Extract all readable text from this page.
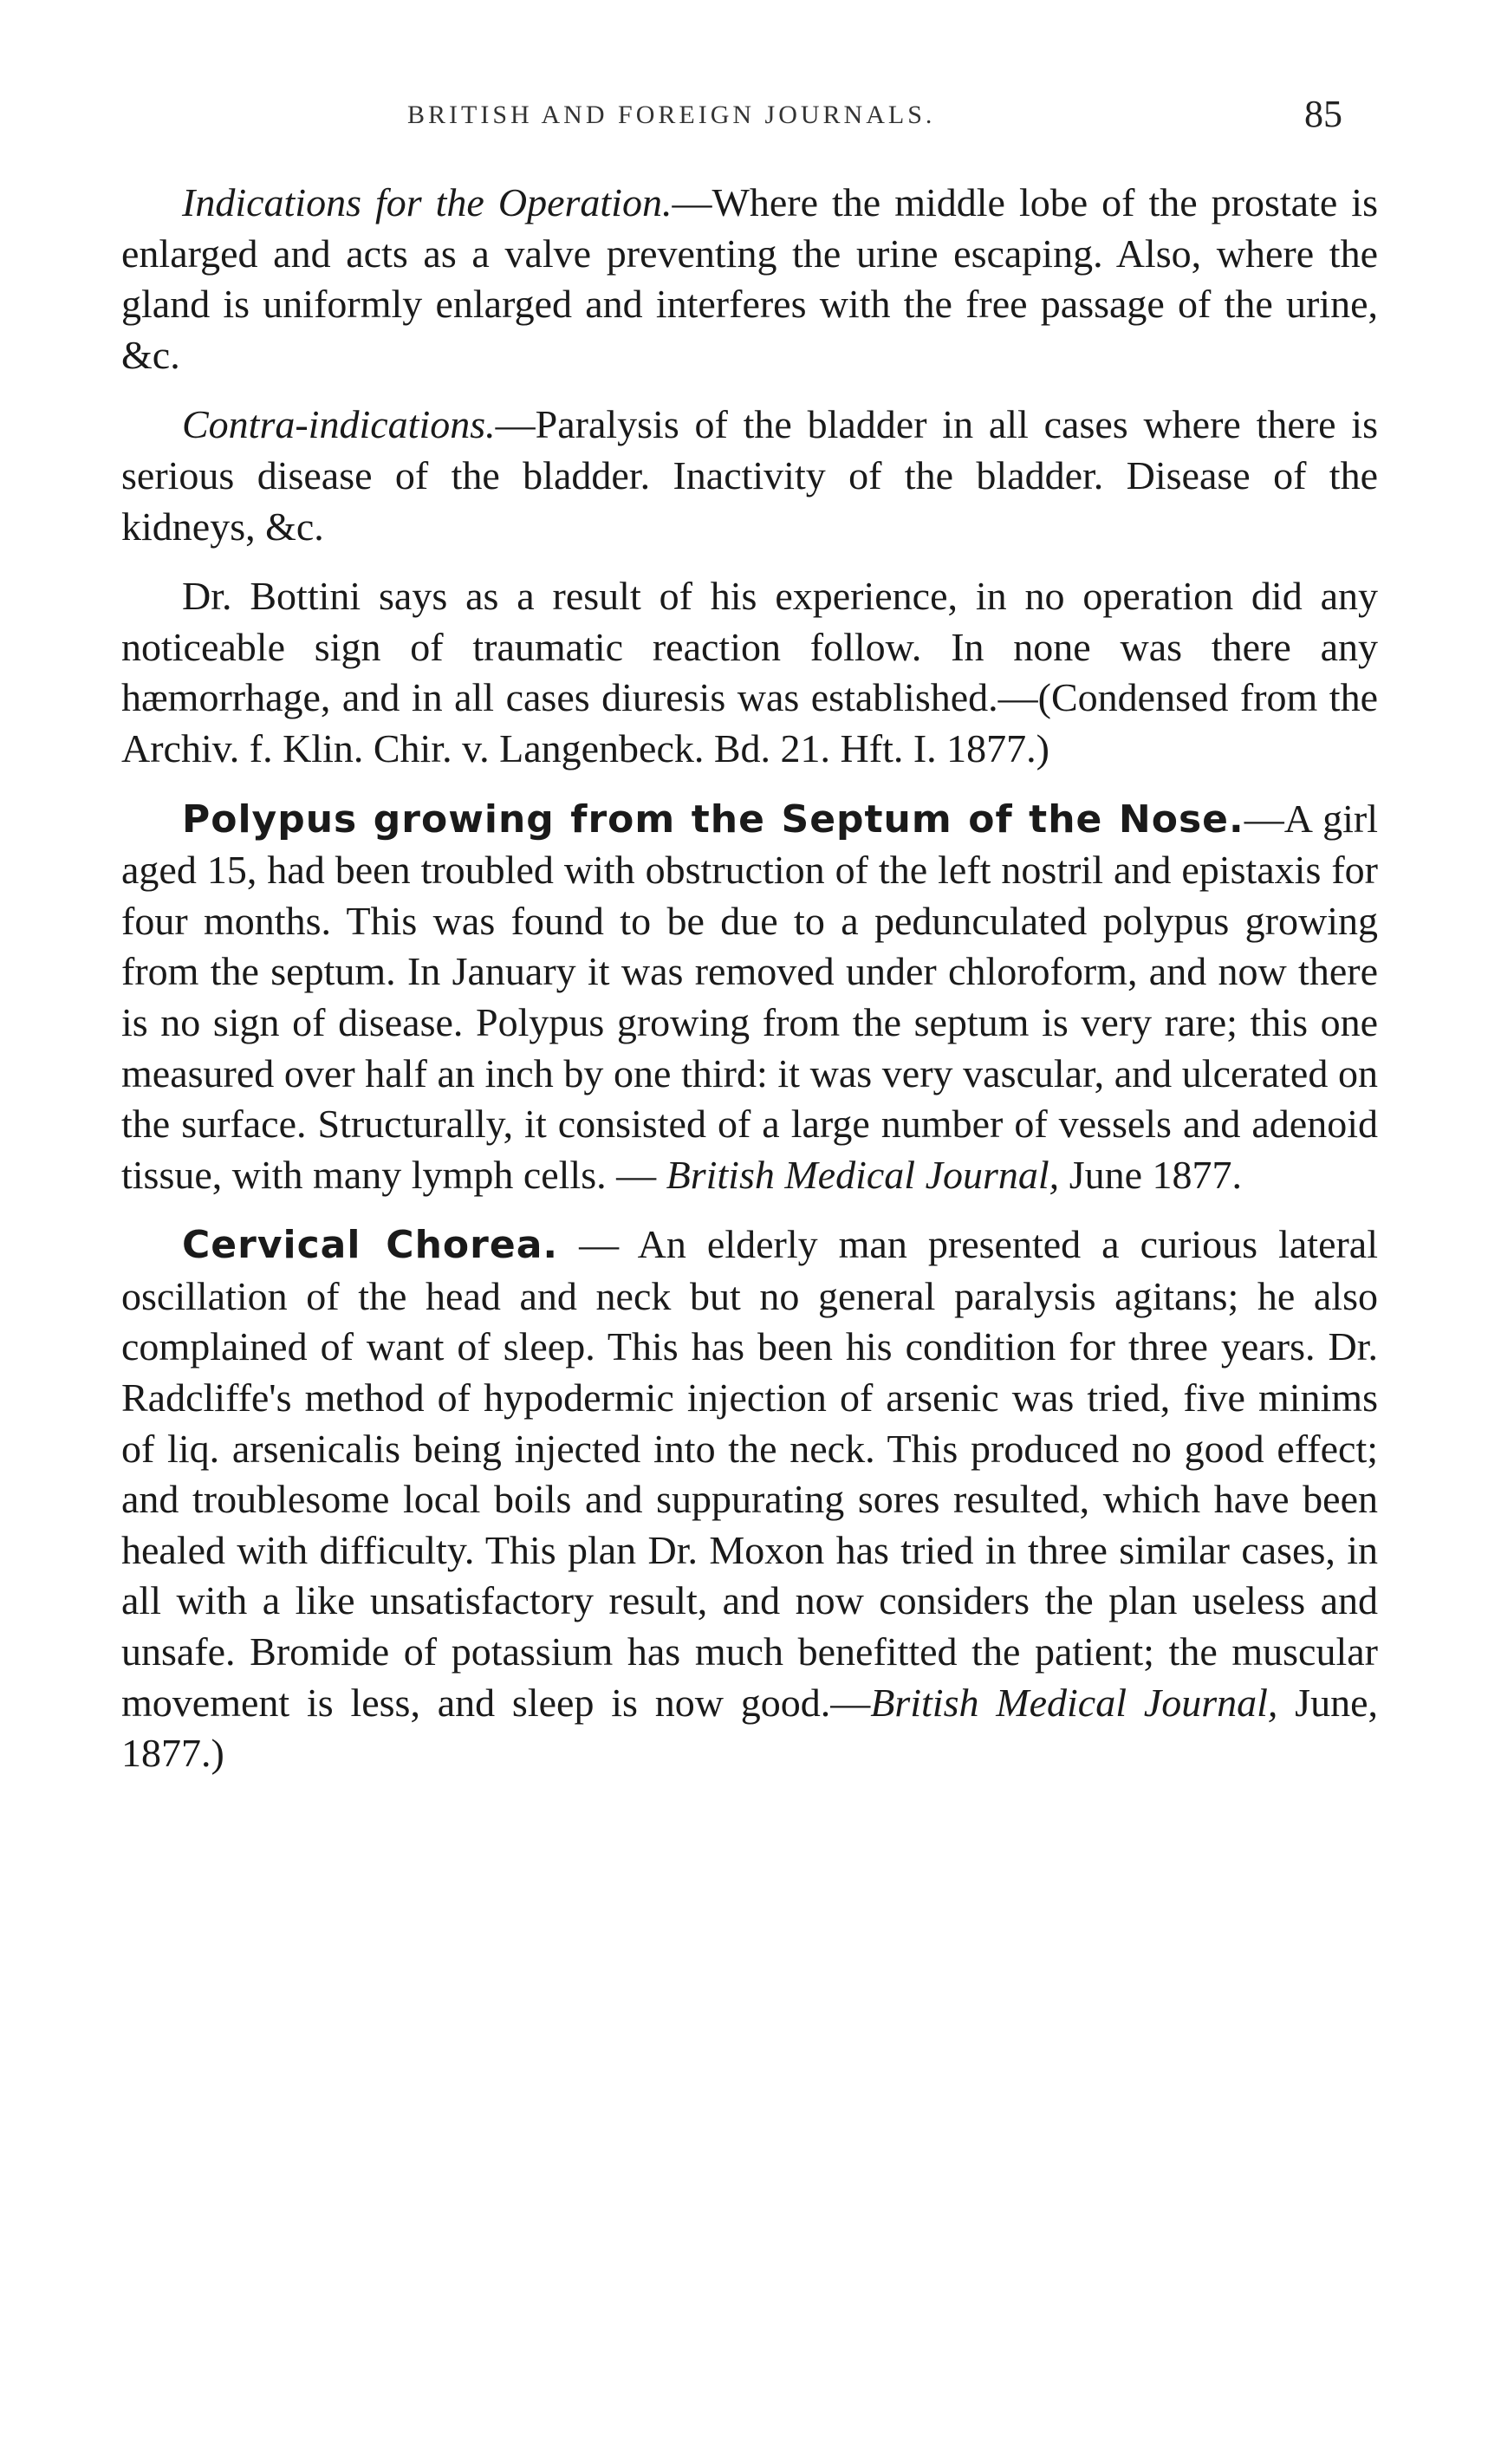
BRITISH AND FOREIGN JOURNALS.	85

Indications for the Operation.—Where the middle lobe of the prostate is enlarged and acts as a valve preventing the urine escaping. Also, where the gland is uniformly enlarged and interferes with the free passage of the urine, &c.

Contra-indications.—Paralysis of the bladder in all cases where there is serious disease of the bladder. Inactivity of the bladder. Disease of the kidneys, &c.

Dr. Bottini says as a result of his experience, in no operation did any noticeable sign of traumatic reaction follow. In none was there any hæmorrhage, and in all cases diuresis was established.—(Condensed from the Archiv. f. Klin. Chir. v. Langenbeck. Bd. 21. Hft. I. 1877.)

Polypus growing from the Septum of the Nose.—A girl aged 15, had been troubled with obstruction of the left nostril and epistaxis for four months. This was found to be due to a pedunculated polypus growing from the septum. In January it was removed under chloroform, and now there is no sign of disease. Polypus growing from the septum is very rare; this one measured over half an inch by one third: it was very vascular, and ulcerated on the surface. Structurally, it consisted of a large number of vessels and adenoid tissue, with many lymph cells. — British Medical Journal, June 1877.

Cervical Chorea. — An elderly man presented a curious lateral oscillation of the head and neck but no general paralysis agitans; he also complained of want of sleep. This has been his condition for three years. Dr. Radcliffe's method of hypodermic injection of arsenic was tried, five minims of liq. arsenicalis being injected into the neck. This produced no good effect; and troublesome local boils and suppurating sores resulted, which have been healed with difficulty. This plan Dr. Moxon has tried in three similar cases, in all with a like unsatisfactory result, and now considers the plan useless and unsafe. Bromide of potassium has much benefitted the patient; the muscular movement is less, and sleep is now good.—British Medical Journal, June, 1877.)
